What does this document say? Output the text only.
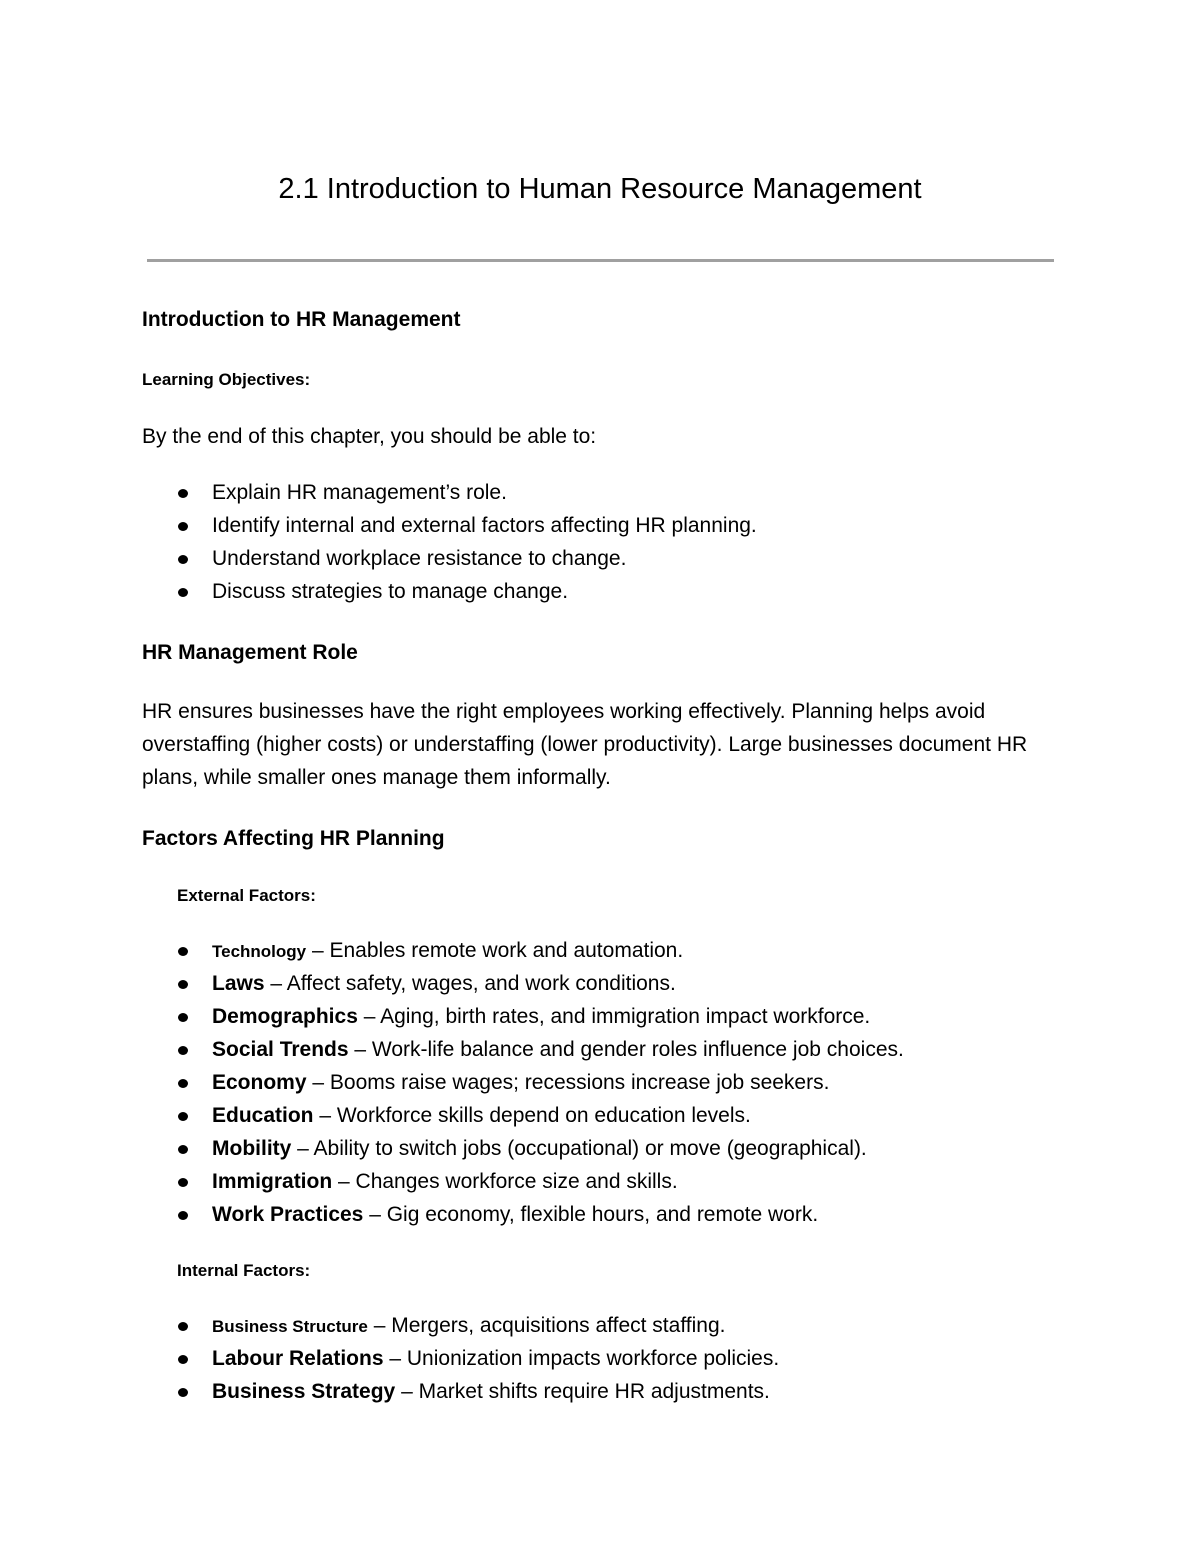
2.1 Introduction to Human Resource Management
Introduction to HR Management
Learning Objectives:

By the end of this chapter, you should be able to:

Explain HR management’s role.
Identify internal and external factors affecting HR planning.
Understand workplace resistance to change.
Discuss strategies to manage change.
HR Management Role

HR ensures businesses have the right employees working effectively. Planning helps avoid overstaffing (higher costs) or understaffing (lower productivity). Large businesses document HR plans, while smaller ones manage them informally.

Factors Affecting HR Planning
External Factors:
Technology – Enables remote work and automation.
Laws – Affect safety, wages, and work conditions.
Demographics – Aging, birth rates, and immigration impact workforce.
Social Trends – Work-life balance and gender roles influence job choices.
Economy – Booms raise wages; recessions increase job seekers.
Education – Workforce skills depend on education levels.
Mobility – Ability to switch jobs (occupational) or move (geographical).
Immigration – Changes workforce size and skills.
Work Practices – Gig economy, flexible hours, and remote work.
Internal Factors:
Business Structure – Mergers, acquisitions affect staffing.
Labour Relations – Unionization impacts workforce policies.
Business Strategy – Market shifts require HR adjustments.
